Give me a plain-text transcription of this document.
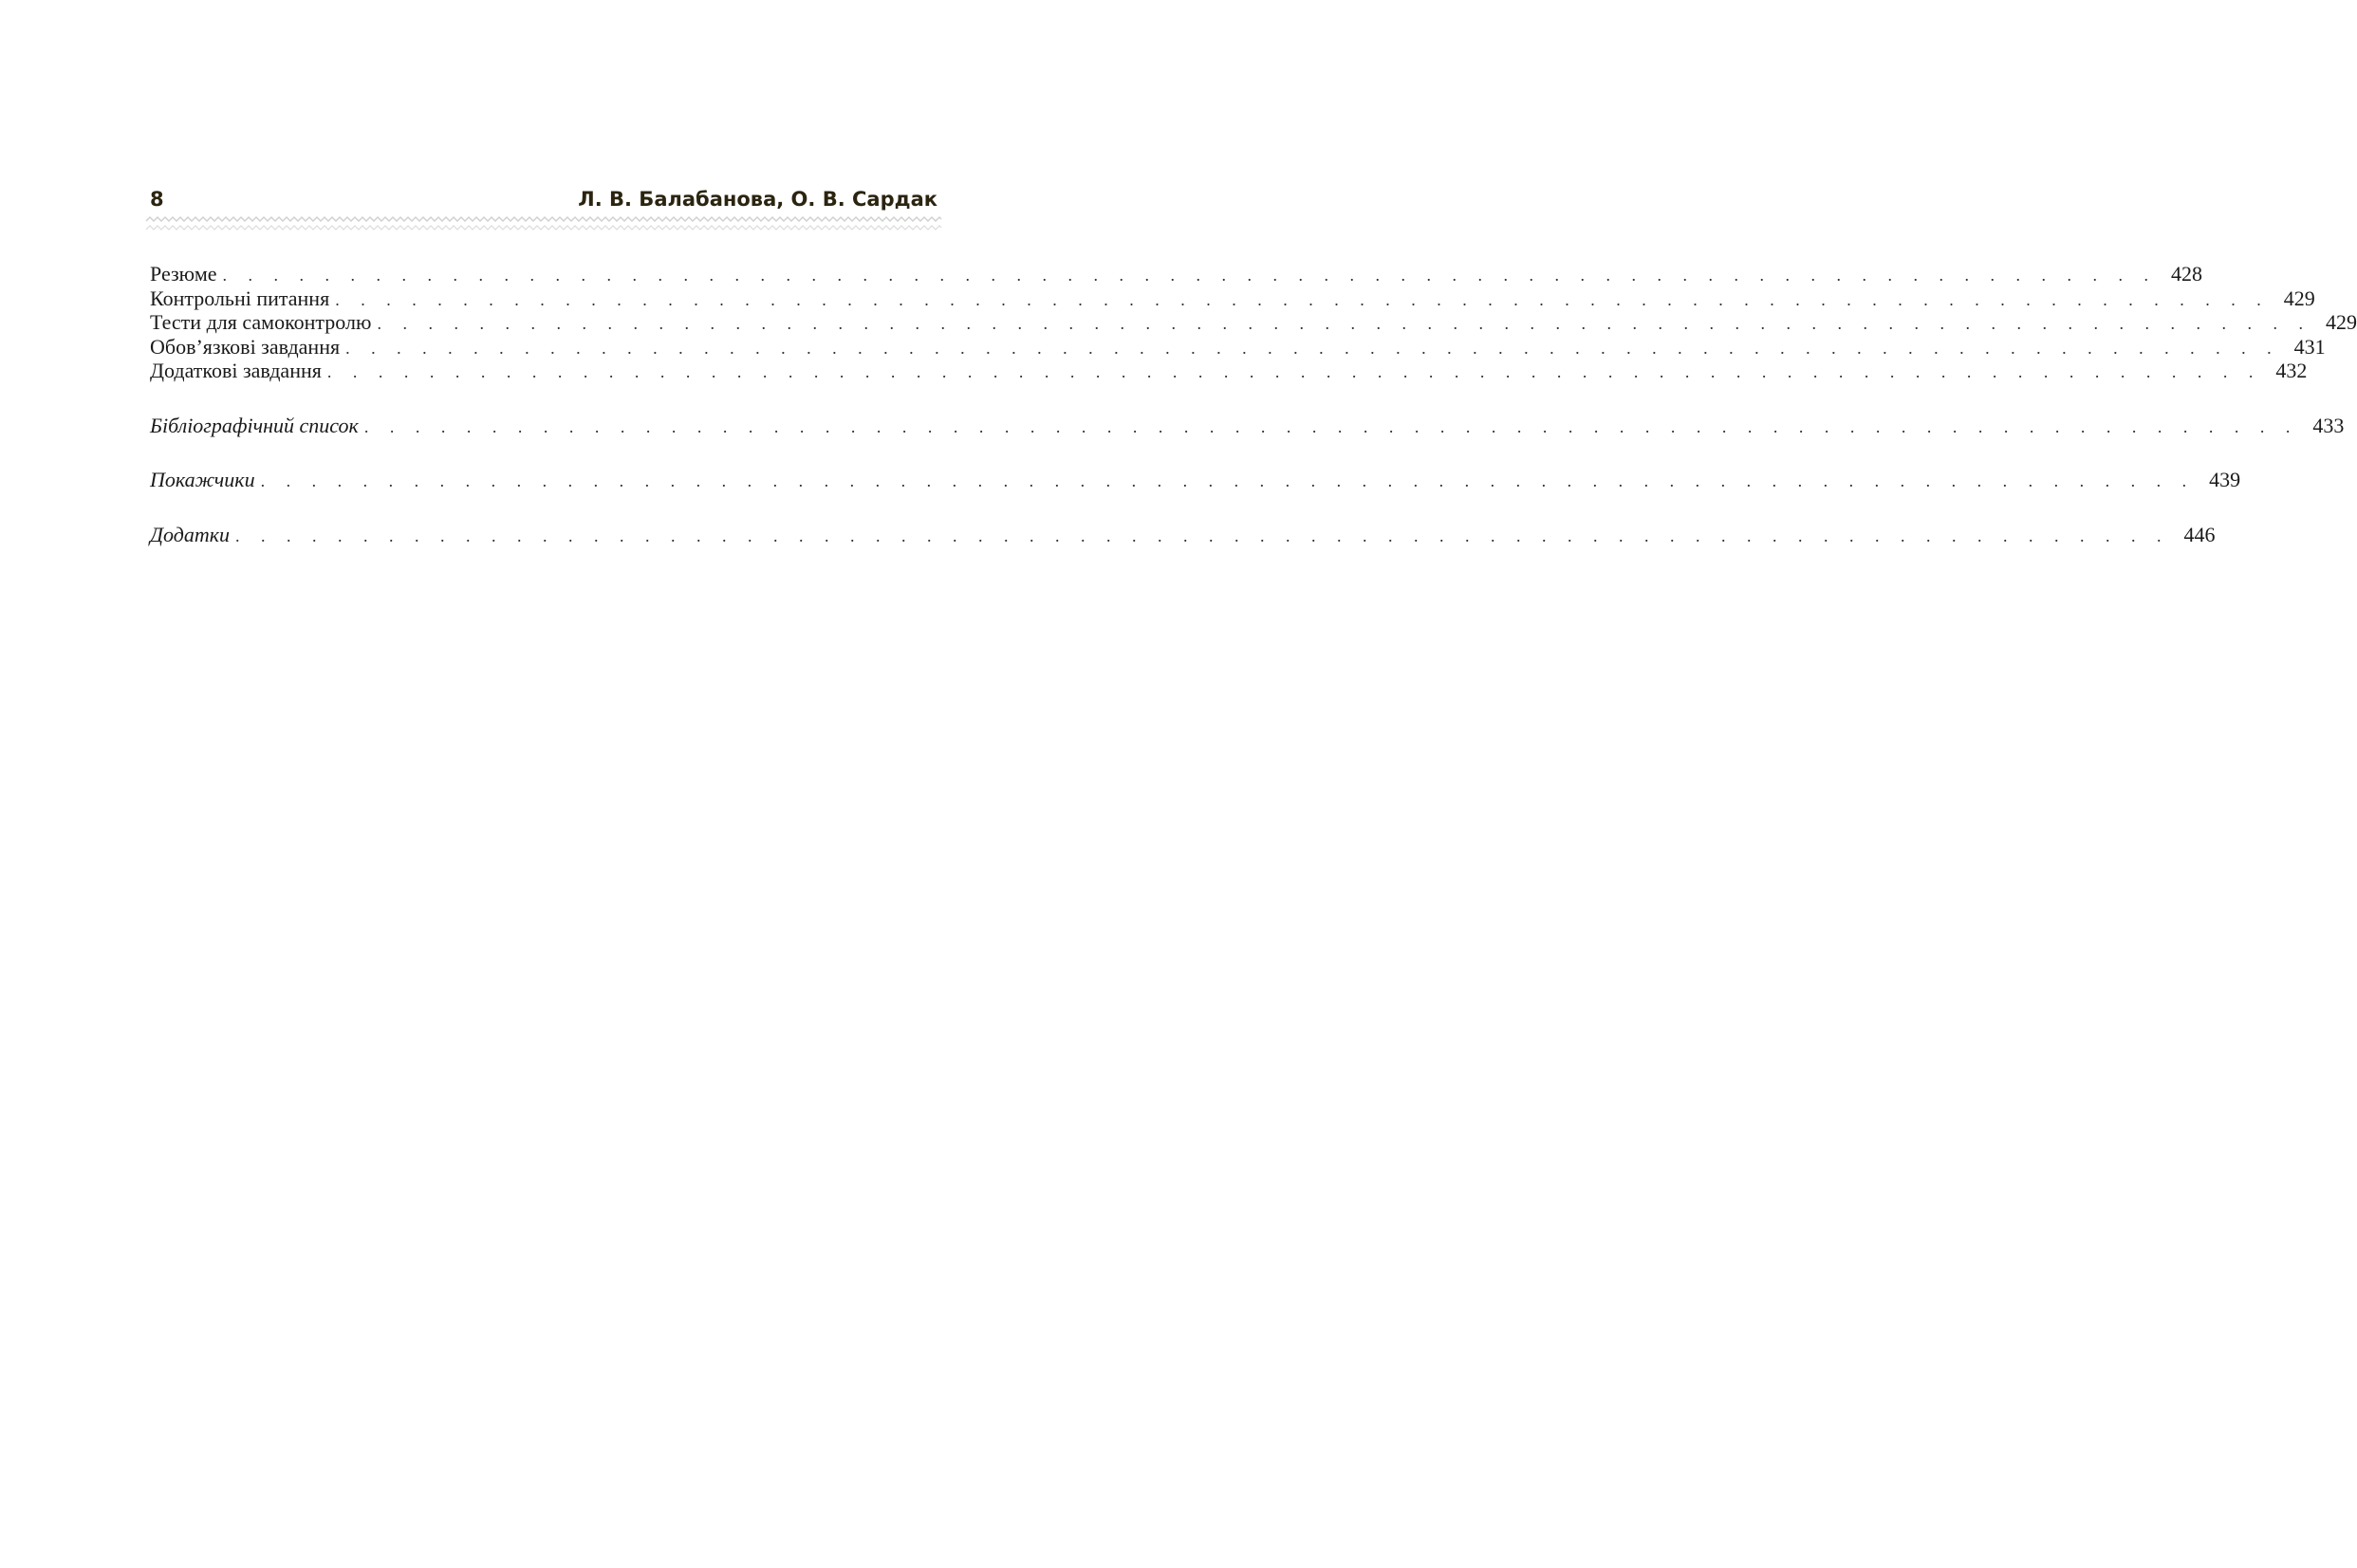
8	Л. В. Балабанова, О. В. Сардак
Резюме . . . . . . . . . . . . . . . . . . . . . . . . . . . . . . . . . . . . . . . . . . . . . . . . . . . . . . . . . . . . . . . . . . . . . . . . . . . . 428
Контрольні питання . . . . . . . . . . . . . . . . . . . . . . . . . . . . . . . . . . . . . . . . . . . . . . . . . . . . . . . . . . . . . . . . . . . . . . . . . . . . 429
Тести для самоконтролю . . . . . . . . . . . . . . . . . . . . . . . . . . . . . . . . . . . . . . . . . . . . . . . . . . . . . . . . . . . . . . . . . . . . . . . . . . . . 429
Обов’язкові завдання . . . . . . . . . . . . . . . . . . . . . . . . . . . . . . . . . . . . . . . . . . . . . . . . . . . . . . . . . . . . . . . . . . . . . . . . . . . . 431
Додаткові завдання . . . . . . . . . . . . . . . . . . . . . . . . . . . . . . . . . . . . . . . . . . . . . . . . . . . . . . . . . . . . . . . . . . . . . . . . . . . . 432
Бібліографічний список . . . . . . . . . . . . . . . . . . . . . . . . . . . . . . . . . . . . . . . . . . . . . . . . . . . . . . . . . . . . . . . . . . . . . . . . . . . . 433
Покажчики . . . . . . . . . . . . . . . . . . . . . . . . . . . . . . . . . . . . . . . . . . . . . . . . . . . . . . . . . . . . . . . . . . . . . . . . . . . . 439
Додатки . . . . . . . . . . . . . . . . . . . . . . . . . . . . . . . . . . . . . . . . . . . . . . . . . . . . . . . . . . . . . . . . . . . . . . . . . . . . 446
